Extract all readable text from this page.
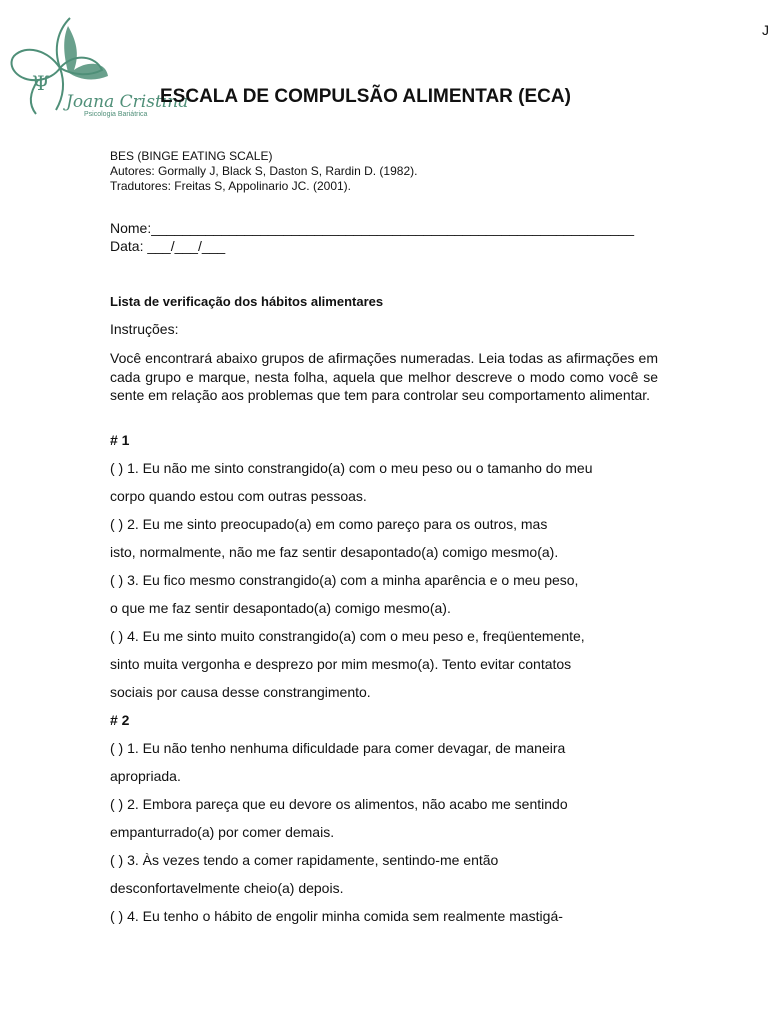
J
Ψ
Joana Cristina
Psicologia Bariátrica
ESCALA DE COMPULSÃO ALIMENTAR (ECA)
BES (BINGE EATING SCALE)
Autores: Gormally J, Black S, Daston S, Rardin D. (1982).
Tradutores: Freitas S, Appolinario JC. (2001).
Nome:______________________________________________________________
Data: ___/___/___
Lista de verificação dos hábitos alimentares
Instruções:

Você encontrará abaixo grupos de afirmações numeradas. Leia todas as afirmações em cada grupo e marque, nesta folha, aquela que melhor descreve o modo como você se sente em relação aos problemas que tem para controlar seu comportamento alimentar.

# 1
( ) 1. Eu não me sinto constrangido(a) com o meu peso ou o tamanho do meu
corpo quando estou com outras pessoas.
( ) 2. Eu me sinto preocupado(a) em como pareço para os outros, mas
isto, normalmente, não me faz sentir desapontado(a) comigo mesmo(a).
( ) 3. Eu fico mesmo constrangido(a) com a minha aparência e o meu peso,
o que me faz sentir desapontado(a) comigo mesmo(a).
( ) 4. Eu me sinto muito constrangido(a) com o meu peso e, freqüentemente,
sinto muita vergonha e desprezo por mim mesmo(a). Tento evitar contatos
sociais por causa desse constrangimento.
# 2
( ) 1. Eu não tenho nenhuma dificuldade para comer devagar, de maneira
apropriada.
( ) 2. Embora pareça que eu devore os alimentos, não acabo me sentindo
empanturrado(a) por comer demais.
( ) 3. Às vezes tendo a comer rapidamente, sentindo-me então
desconfortavelmente cheio(a) depois.
( ) 4. Eu tenho o hábito de engolir minha comida sem realmente mastigá-
